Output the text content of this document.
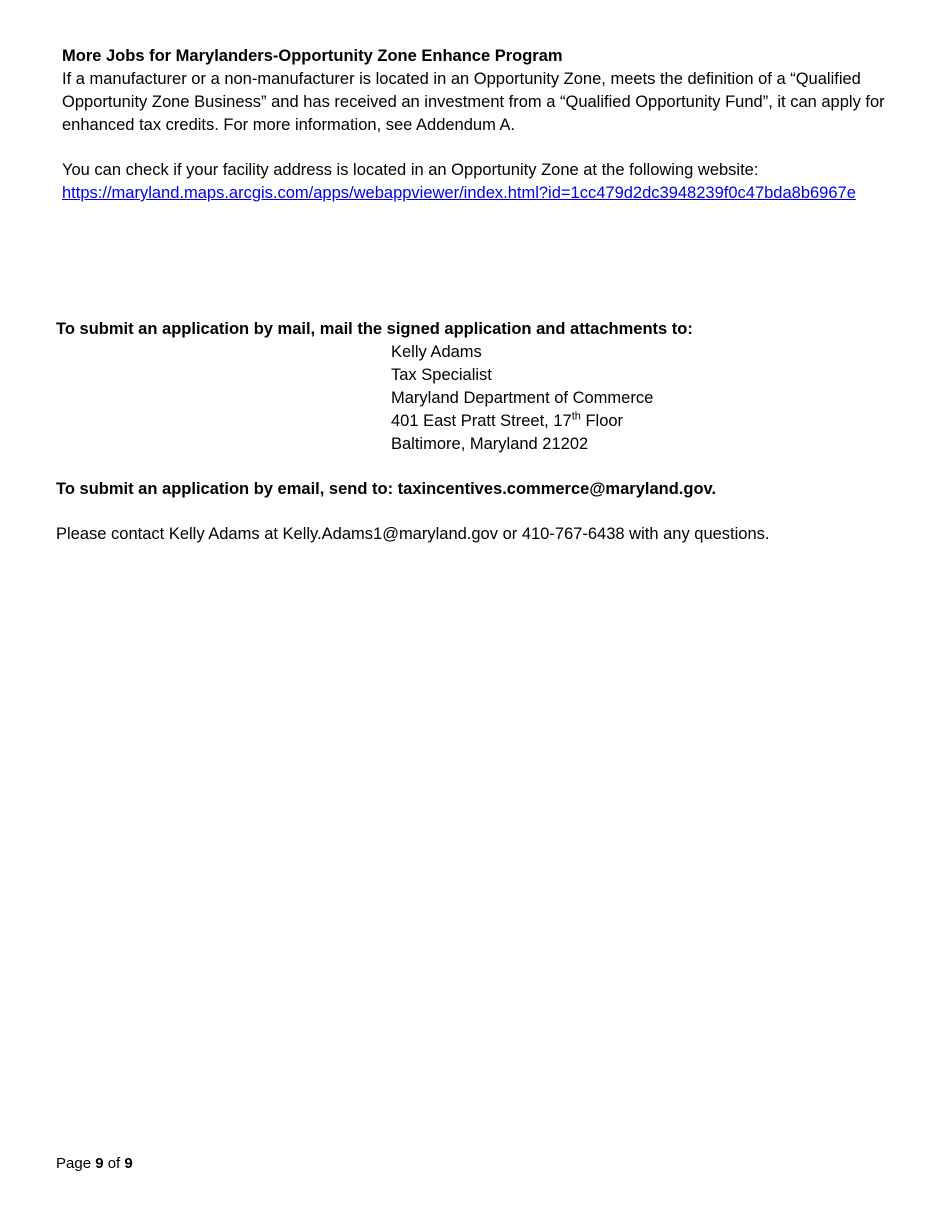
More Jobs for Marylanders-Opportunity Zone Enhance Program

If a manufacturer or a non-manufacturer is located in an Opportunity Zone, meets the definition of a “Qualified Opportunity Zone Business” and has received an investment from a “Qualified Opportunity Fund”, it can apply for enhanced tax credits. For more information, see Addendum A.

You can check if your facility address is located in an Opportunity Zone at the following website:
https://maryland.maps.arcgis.com/apps/webappviewer/index.html?id=1cc479d2dc3948239f0c47bda8b6967e
To submit an application by mail, mail the signed application and attachments to:
Kelly Adams
Tax Specialist
Maryland Department of Commerce
401 East Pratt Street, 17th Floor
Baltimore, Maryland 21202
To submit an application by email, send to: taxincentives.commerce@maryland.gov.
Please contact Kelly Adams at Kelly.Adams1@maryland.gov or 410-767-6438 with any questions.
Page 9 of 9
